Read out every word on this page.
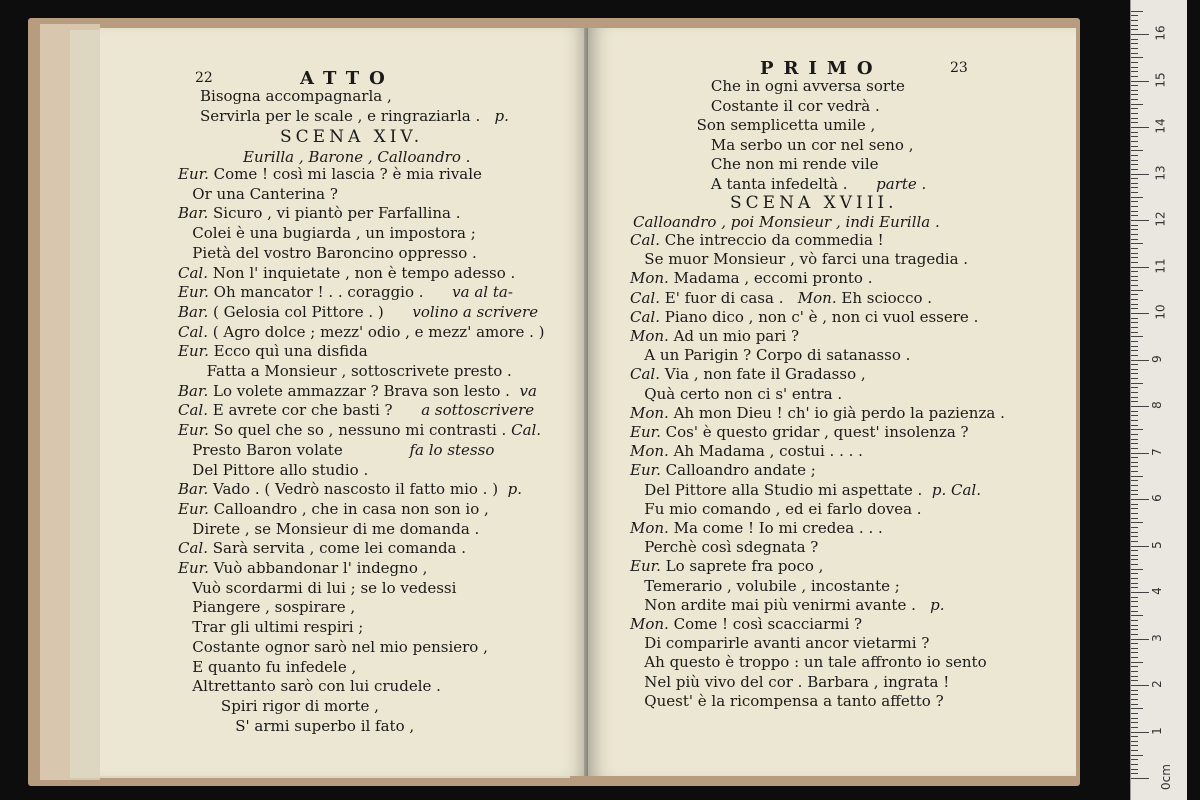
22	ATTO
SCENA XIV.
Eurilla , Barone , Calloandro .
Bisogna accompagnarla ,
Servirla per le scale , e ringraziarla .   p.
Eur. Come ! così mi lascia ? è mia rivale
Or una Canterina ?
Bar. Sicuro , vi piantò per Farfallina .
Colei è una bugiarda , un impostora ;
Pietà del vostro Baroncino oppresso .
Cal. Non l' inquietate , non è tempo adesso .
Eur. Oh mancator ! . . coraggio .      va al ta-
Bar. ( Gelosia col Pittore . )      volino a scrivere
Cal. ( Agro dolce ; mezz' odio , e mezz' amore . )
Eur. Ecco quì una disfida
Fatta a Monsieur , sottoscrivete presto .
Bar. Lo volete ammazzar ? Brava son lesto .  va
Cal. E avrete cor che basti ?      a sottoscrivere
Eur. So quel che so , nessuno mi contrasti . Cal.
Presto Baron volate              fa lo stesso
Del Pittore allo studio .
Bar. Vado . ( Vedrò nascosto il fatto mio . )  p.
Eur. Calloandro , che in casa non son io ,
Direte , se Monsieur di me domanda .
Cal. Sarà servita , come lei comanda .
Eur. Vuò abbandonar l' indegno ,
Vuò scordarmi di lui ; se lo vedessi
Piangere , sospirare ,
Trar gli ultimi respiri ;
Costante ognor sarò nel mio pensiero ,
E quanto fu infedele ,
Altrettanto sarò con lui crudele .
Spiri rigor di morte ,
S' armi superbo il fato ,
PRIMO	23
SCENA XVIII.
Calloandro , poi Monsieur , indi Eurilla .
Che in ogni avversa sorte
Costante il cor vedrà .
Son semplicetta umile ,
Ma serbo un cor nel seno ,
Che non mi rende vile
A tanta infedeltà .      parte .
Cal. Che intreccio da commedia !
Se muor Monsieur , vò farci una tragedia .
Mon. Madama , eccomi pronto .
Cal. E' fuor di casa .   Mon. Eh sciocco .
Cal. Piano dico , non c' è , non ci vuol essere .
Mon. Ad un mio pari ?
A un Parigin ? Corpo di satanasso .
Cal. Via , non fate il Gradasso ,
Quà certo non ci s' entra .
Mon. Ah mon Dieu ! ch' io già perdo la pazienza .
Eur. Cos' è questo gridar , quest' insolenza ?
Mon. Ah Madama , costui . . . .
Eur. Calloandro andate ;
Del Pittore alla Studio mi aspettate .  p. Cal.
Fu mio comando , ed ei farlo dovea .
Mon. Ma come ! Io mi credea . . .
Perchè così sdegnata ?
Eur. Lo saprete fra poco ,
Temerario , volubile , incostante ;
Non ardite mai più venirmi avante .   p.
Mon. Come ! così scacciarmi ?
Di comparirle avanti ancor vietarmi ?
Ah questo è troppo : un tale affronto io sento
Nel più vivo del cor . Barbara , ingrata !
Quest' è la ricompensa a tanto affetto ?
0cm
1
2
3
4
5
6
7
8
9
10
11
12
13
14
15
16
